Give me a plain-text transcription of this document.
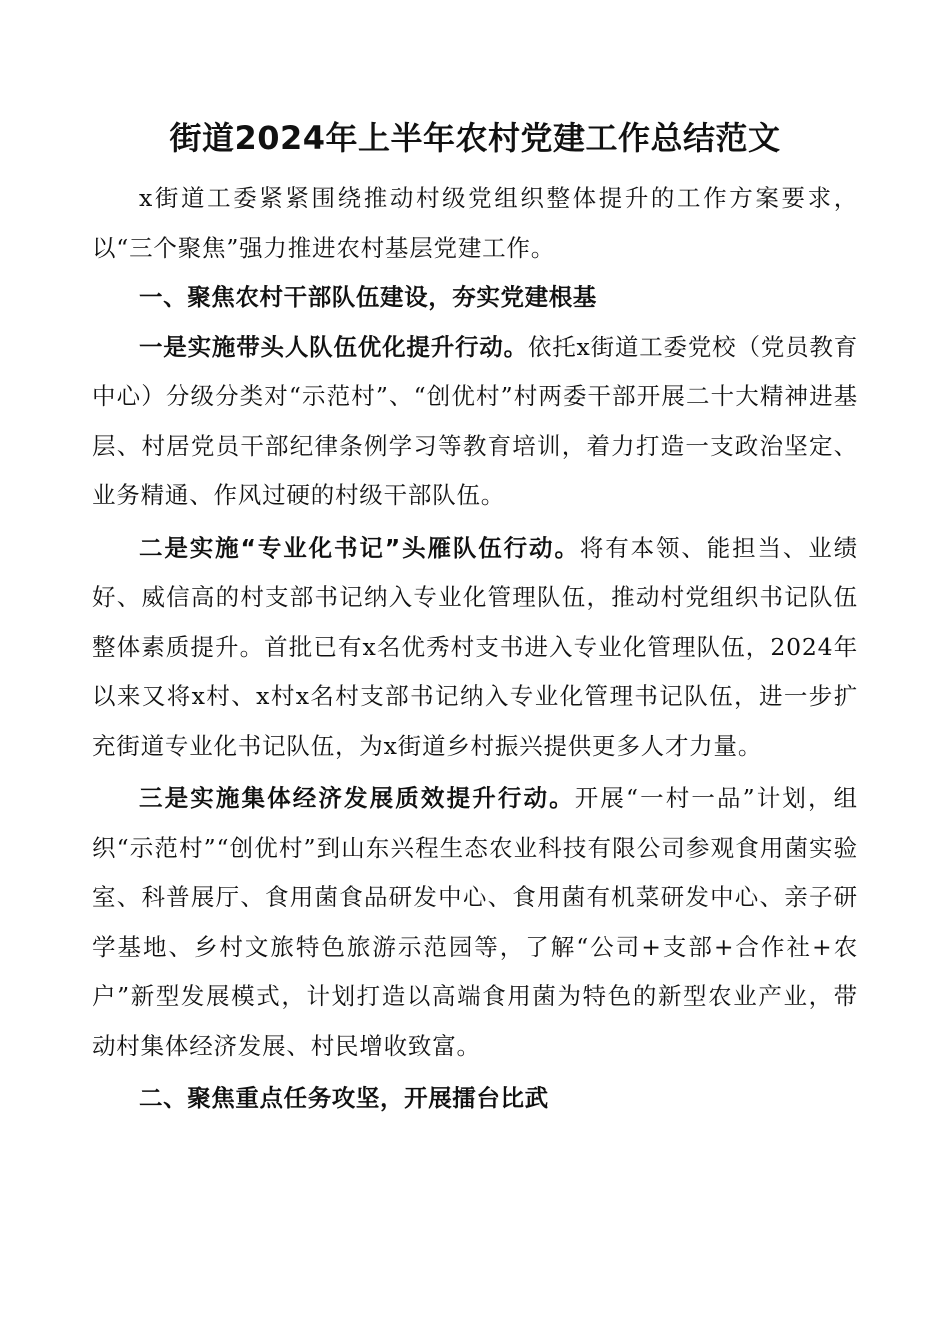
街道2024年上半年农村党建工作总结范文

x街道工委紧紧围绕推动村级党组织整体提升的工作方案要求，以“三个聚焦”强力推进农村基层党建工作。

一、聚焦农村干部队伍建设，夯实党建根基

一是实施带头人队伍优化提升行动。依托x街道工委党校（党员教育中心）分级分类对“示范村”、“创优村”村两委干部开展二十大精神进基层、村居党员干部纪律条例学习等教育培训，着力打造一支政治坚定、业务精通、作风过硬的村级干部队伍。

二是实施“专业化书记”头雁队伍行动。将有本领、能担当、业绩好、威信高的村支部书记纳入专业化管理队伍，推动村党组织书记队伍整体素质提升。首批已有x名优秀村支书进入专业化管理队伍，2024年以来又将x村、x村x名村支部书记纳入专业化管理书记队伍，进一步扩充街道专业化书记队伍，为x街道乡村振兴提供更多人才力量。

三是实施集体经济发展质效提升行动。开展“一村一品”计划，组织“示范村”“创优村”到山东兴程生态农业科技有限公司参观食用菌实验室、科普展厅、食用菌食品研发中心、食用菌有机菜研发中心、亲子研学基地、乡村文旅特色旅游示范园等，了解“公司+支部+合作社+农户”新型发展模式，计划打造以高端食用菌为特色的新型农业产业，带动村集体经济发展、村民增收致富。

二、聚焦重点任务攻坚，开展擂台比武
